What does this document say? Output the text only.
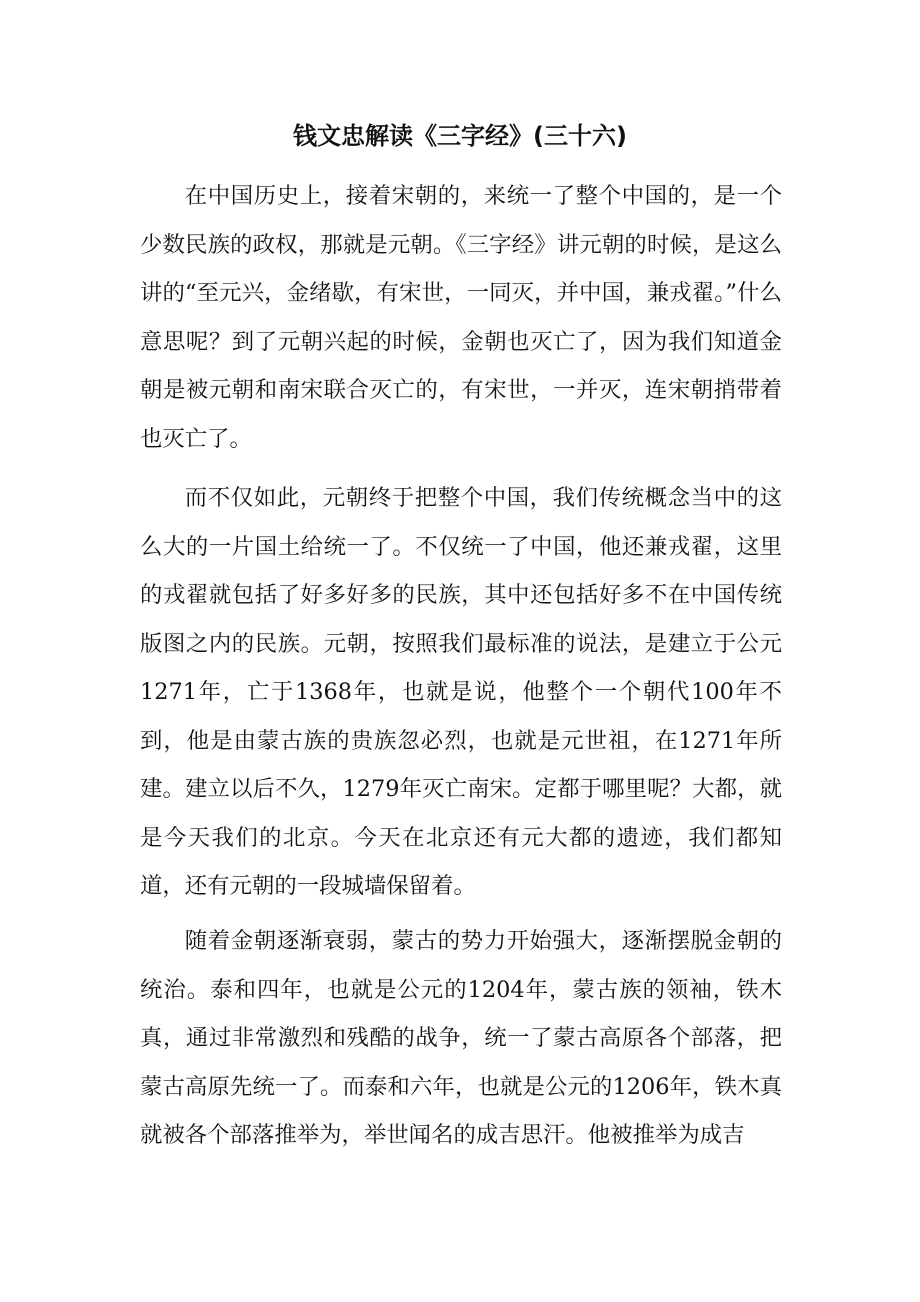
钱文忠解读《三字经》(三十六)

在中国历史上，接着宋朝的，来统一了整个中国的，是一个少数民族的政权，那就是元朝。《三字经》讲元朝的时候，是这么讲的“至元兴，金绪歇，有宋世，一同灭，并中国，兼戎翟。”什么意思呢？到了元朝兴起的时候，金朝也灭亡了，因为我们知道金朝是被元朝和南宋联合灭亡的，有宋世，一并灭，连宋朝捎带着也灭亡了。

而不仅如此，元朝终于把整个中国，我们传统概念当中的这么大的一片国土给统一了。不仅统一了中国，他还兼戎翟，这里的戎翟就包括了好多好多的民族，其中还包括好多不在中国传统版图之内的民族。元朝，按照我们最标准的说法，是建立于公元1271年，亡于1368年，也就是说，他整个一个朝代100年不到，他是由蒙古族的贵族忽必烈，也就是元世祖，在1271年所建。建立以后不久，1279年灭亡南宋。定都于哪里呢？大都，就是今天我们的北京。今天在北京还有元大都的遗迹，我们都知道，还有元朝的一段城墙保留着。

随着金朝逐渐衰弱，蒙古的势力开始强大，逐渐摆脱金朝的统治。泰和四年，也就是公元的1204年，蒙古族的领袖，铁木真，通过非常激烈和残酷的战争，统一了蒙古高原各个部落，把蒙古高原先统一了。而泰和六年，也就是公元的1206年，铁木真就被各个部落推举为，举世闻名的成吉思汗。他被推举为成吉
